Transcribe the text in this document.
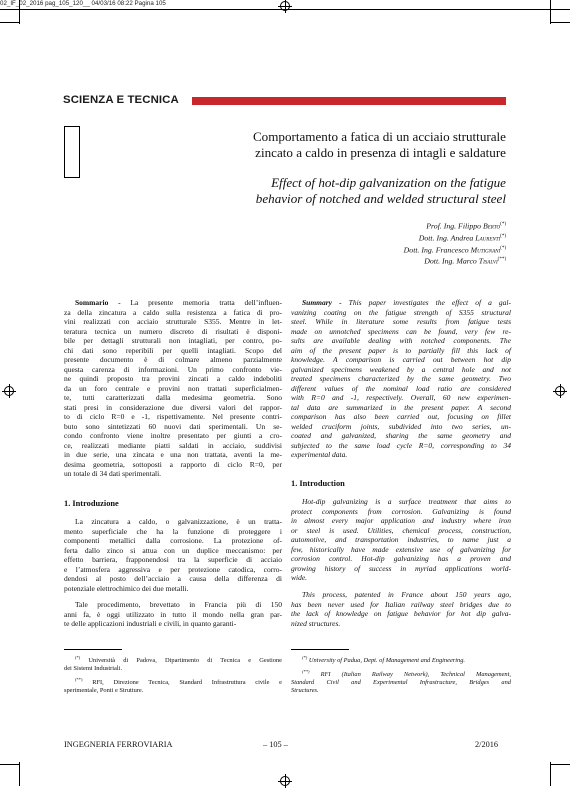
02_IF_02_2016 pag_105_120__ 04/03/16 08:22 Pagina 105
SCIENZA E TECNICA
Comportamento a fatica di un acciaio strutturale
zincato a caldo in presenza di intagli e saldature
Effect of hot-dip galvanization on the fatigue
behavior of notched and welded structural steel
Prof. Ing. Filippo Berto(*)
Dott. Ing. Andrea Laurenti(*)
Dott. Ing. Francesco Mutignani(*)
Dott. Ing. Marco Tisalvi(**)
Sommario - La presente memoria tratta dell’influen-
za della zincatura a caldo sulla resistenza a fatica di pro-
vini realizzati con acciaio strutturale S355. Mentre in let-
teratura tecnica un numero discreto di risultati è disponi-
bile per dettagli strutturali non intagliati, per contro, po-
chi dati sono reperibili per quelli intagliati. Scopo del
presente documento è di colmare almeno parzialmente
questa carenza di informazioni. Un primo confronto vie-
ne quindi proposto tra provini zincati a caldo indeboliti
da un foro centrale e provini non trattati superficialmen-
te, tutti caratterizzati dalla medesima geometria. Sono
stati presi in considerazione due diversi valori del rappor-
to di ciclo R=0 e -1, rispettivamente. Nel presente contri-
buto sono sintetizzati 60 nuovi dati sperimentali. Un se-
condo confronto viene inoltre presentato per giunti a cro-
ce, realizzati mediante piatti saldati in acciaio, suddivisi
in due serie, una zincata e una non trattata, aventi la me-
desima geometria, sottoposti a rapporto di ciclo R=0, per
un totale di 34 dati sperimentali.
1. Introduzione
La zincatura a caldo, o galvanizzazione, è un tratta-
mento superficiale che ha la funzione di proteggere i
componenti metallici dalla corrosione. La protezione of-
ferta dallo zinco si attua con un duplice meccanismo: per
effetto barriera, frapponendosi tra la superficie di acciaio
e l’atmosfera aggressiva e per protezione catodica, corro-
dendosi al posto dell’acciaio a causa della differenza di
potenziale elettrochimico dei due metalli.
Tale procedimento, brevettato in Francia più di 150
anni fa, è oggi utilizzato in tutto il mondo nella gran par-
te delle applicazioni industriali e civili, in quanto garanti-
Summary - This paper investigates the effect of a gal-
vanizing coating on the fatigue strength of S355 structural
steel. While in literature some results from fatigue tests
made on unnotched specimens can be found, very few re-
sults are available dealing with notched components. The
aim of the present paper is to partially fill this lack of
knowledge. A comparison is carried out between hot dip
galvanized specimens weakened by a central hole and not
treated specimens characterized by the same geometry. Two
different values of the nominal load ratio are considered
with R=0 and -1, respectively. Overall, 60 new experimen-
tal data are summarized in the present paper. A second
comparison has also been carried out, focusing on fillet
welded cruciform joints, subdivided into two series, un-
coated and galvanized, sharing the same geometry and
subjected to the same load cycle R=0, corresponding to 34
experimental data.
1. Introduction
Hot-dip galvanizing is a surface treatment that aims to
protect components from corrosion. Galvanizing is found
in almost every major application and industry where iron
or steel is used. Utilities, chemical process, construction,
automotive, and transportation industries, to name just a
few, historically have made extensive use of galvanizing for
corrosion control. Hot-dip galvanizing has a proven and
growing history of success in myriad applications world-
wide.
This process, patented in France about 150 years ago,
has been never used for Italian railway steel bridges due to
the lack of knowledge on fatigue behavior for hot dip galva-
nized structures.
(*) Università di Padova, Dipartimento di Tecnica e Gestione
dei Sistemi Industriali.
(**) RFI, Direzione Tecnica, Standard Infrastruttura civile e
sperimentale, Ponti e Strutture.
(*) University of Padua, Dept. of Management and Engineering.
(**) RFI (Italian Railway Network), Technical Management,
Standard Civil and Experimental Infrastructure, Bridges and
Structures.
INGEGNERIA FERROVIARIA	– 105 –	2/2016
